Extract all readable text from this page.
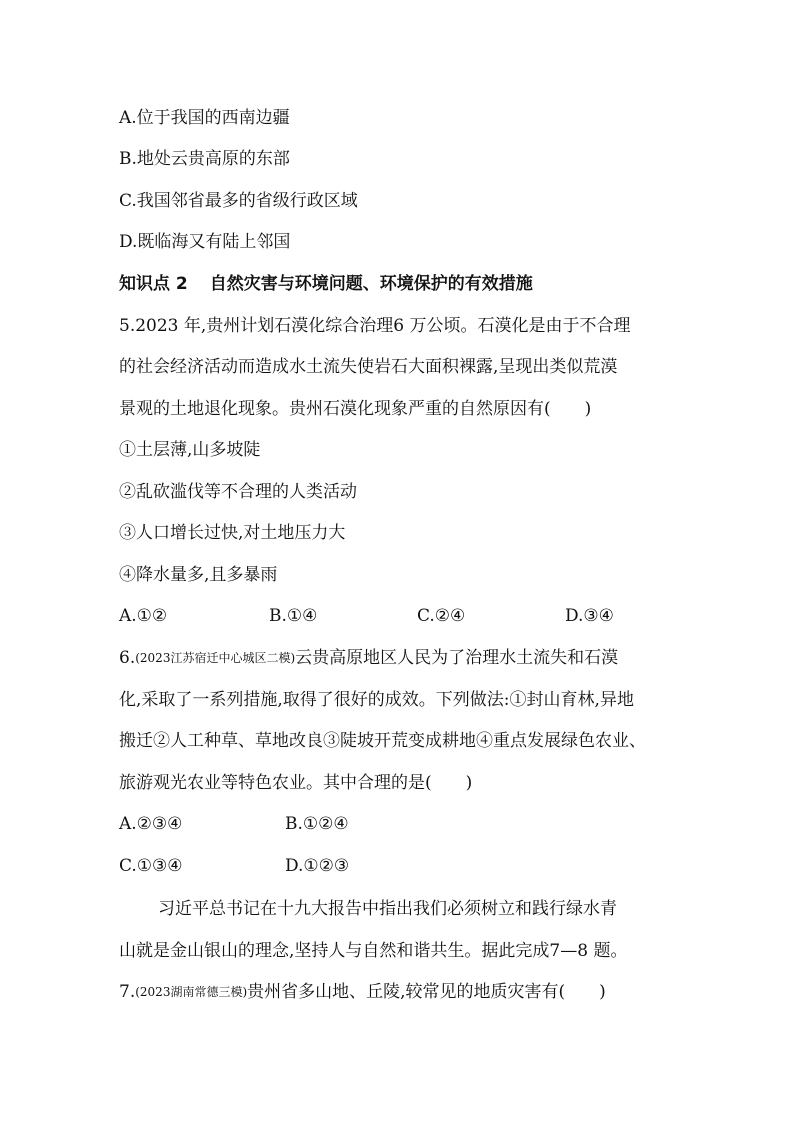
A.位于我国的西南边疆
B.地处云贵高原的东部
C.我国邻省最多的省级行政区域
D.既临海又有陆上邻国
知识点 2 自然灾害与环境问题、环境保护的有效措施
5.2023 年,贵州计划石漠化综合治理6 万公顷。石漠化是由于不合理
的社会经济活动而造成水土流失使岩石大面积裸露,呈现出类似荒漠
景观的土地退化现象。贵州石漠化现象严重的自然原因有(　　)
①土层薄,山多坡陡
②乱砍滥伐等不合理的人类活动
③人口增长过快,对土地压力大
④降水量多,且多暴雨
A.①②	B.①④	C.②④	D.③④
6.(2023江苏宿迁中心城区二模)云贵高原地区人民为了治理水土流失和石漠
化,采取了一系列措施,取得了很好的成效。下列做法:①封山育林,异地
搬迁②人工种草、草地改良③陡坡开荒变成耕地④重点发展绿色农业、
旅游观光农业等特色农业。其中合理的是(　　)
A.②③④	B.①②④
C.①③④	D.①②③
习近平总书记在十九大报告中指出我们必须树立和践行绿水青
山就是金山银山的理念,坚持人与自然和谐共生。据此完成7—8 题。
7.(2023湖南常德三模)贵州省多山地、丘陵,较常见的地质灾害有(　　)
